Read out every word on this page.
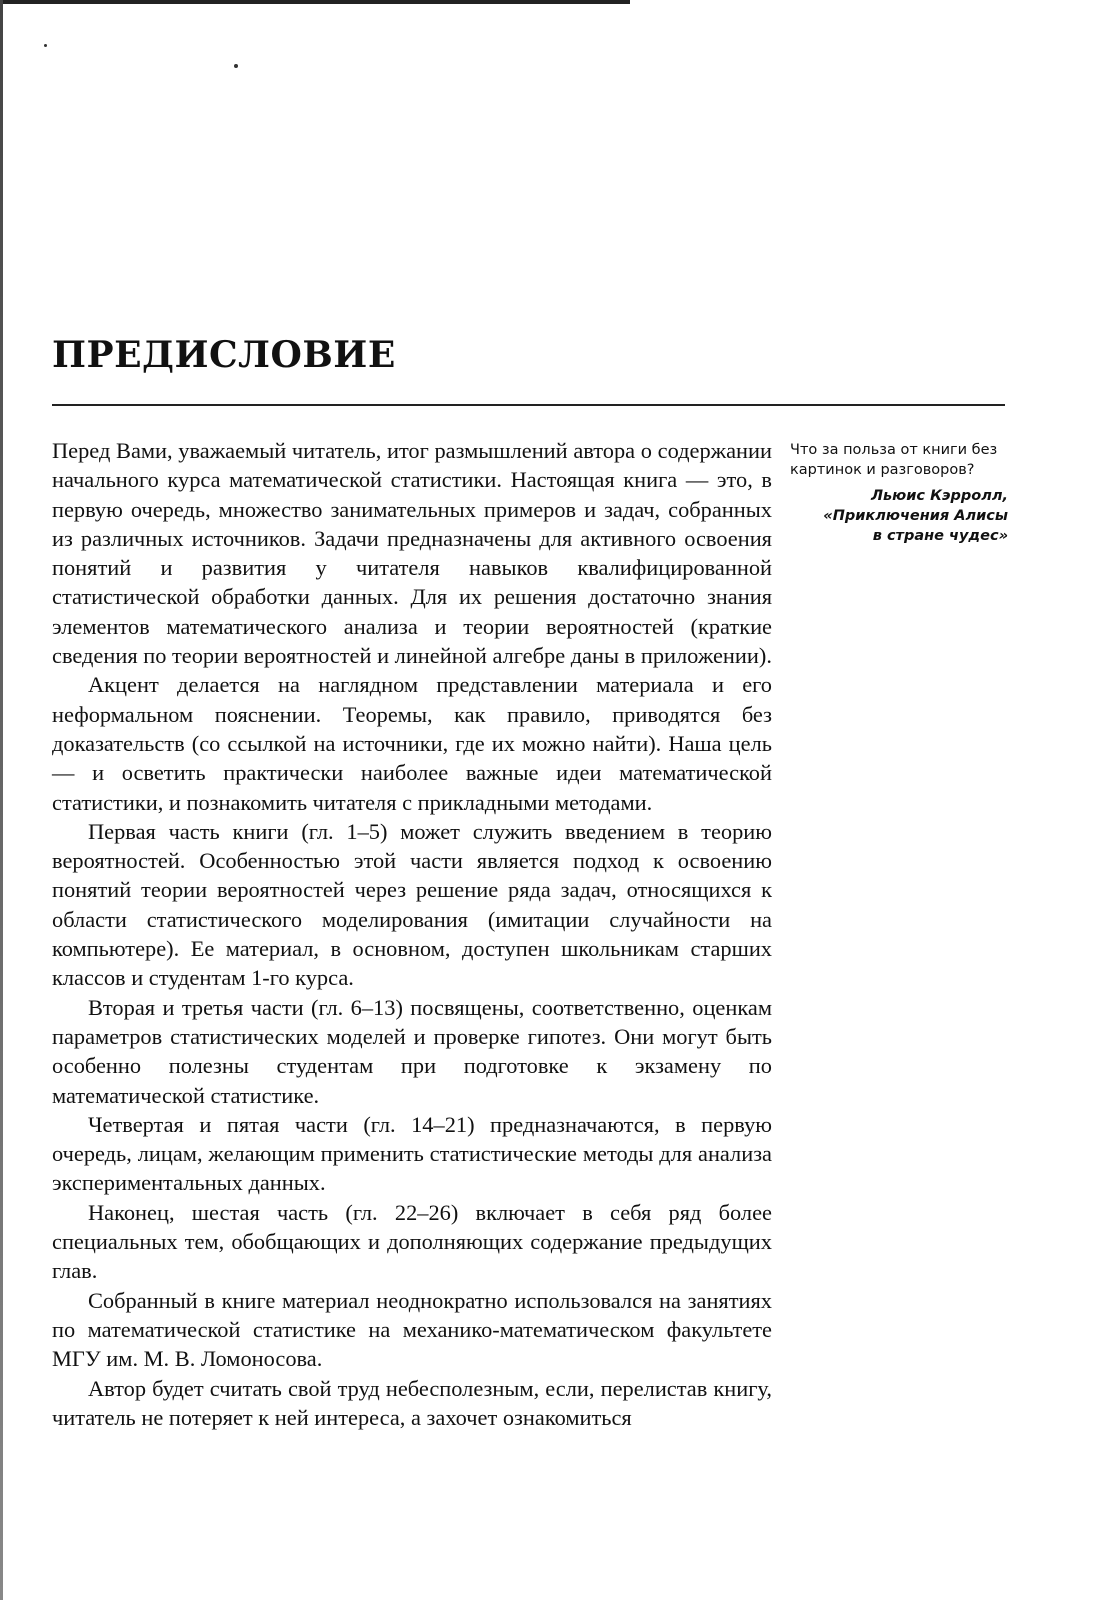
ПРЕДИСЛОВИЕ

Перед Вами, уважаемый читатель, итог размышлений автора о содержании начального курса математической статистики. Настоящая книга — это, в первую очередь, множество занимательных примеров и задач, собранных из различных источников. Задачи предназначены для активного освоения понятий и развития у читателя навыков квалифицированной статистической обработки данных. Для их решения достаточно знания элементов математического анализа и теории вероятностей (краткие сведения по теории вероятностей и линейной алгебре даны в приложении).

Акцент делается на наглядном представлении материала и его неформальном пояснении. Теоремы, как правило, приводятся без доказательств (со ссылкой на источники, где их можно найти). Наша цель — и осветить практически наиболее важные идеи математической статистики, и познакомить читателя с прикладными методами.

Первая часть книги (гл. 1–5) может служить введением в теорию вероятностей. Особенностью этой части является подход к освоению понятий теории вероятностей через решение ряда задач, относящихся к области статистического моделирования (имитации случайности на компьютере). Ее материал, в основном, доступен школьникам старших классов и студентам 1-го курса.

Вторая и третья части (гл. 6–13) посвящены, соответственно, оценкам параметров статистических моделей и проверке гипотез. Они могут быть особенно полезны студентам при подготовке к экзамену по математической статистике.

Четвертая и пятая части (гл. 14–21) предназначаются, в первую очередь, лицам, желающим применить статистические методы для анализа экспериментальных данных.

Наконец, шестая часть (гл. 22–26) включает в себя ряд более специальных тем, обобщающих и дополняющих содержание предыдущих глав.

Собранный в книге материал неоднократно использовался на занятиях по математической статистике на механико-математическом факультете МГУ им. М. В. Ломоносова.

Автор будет считать свой труд небесполезным, если, перелистав книгу, читатель не потеряет к ней интереса, а захочет ознакомиться

Что за польза от книги без картинок и разговоров?

Льюис Кэрролл,

«Приключения Алисы

в стране чудес»
